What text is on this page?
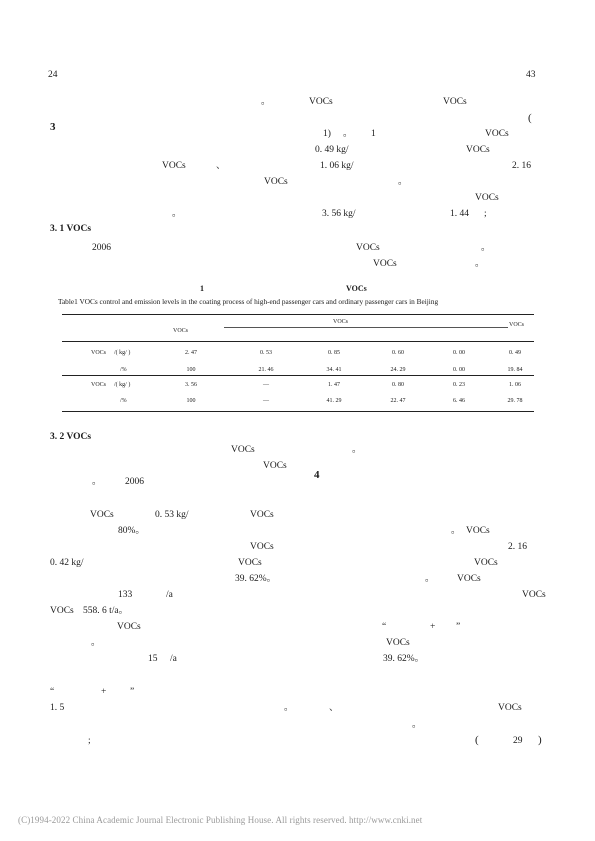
24	43
3
3. 1 VOCs
3. 2 VOCs
4
。	VOCs	VOCs
(
1) 。 1	VOCs
0. 49 kg/	VOCs
VOCs	、	1. 06 kg/	2. 16
VOCs	。
VOCs
。	3. 56 kg/	1. 44 ;
2006	VOCs	。
VOCs	。
1	VOCs
Table1 VOCs control and emission levels in the coating process of high-end passenger cars and ordinary passenger cars in Beijing
VOCs
VOCs	VOCs
VOCs /( kg/ )	2. 47	0. 53	0. 85	0. 60	0. 00	0. 49
/%	100	21. 46	34. 41	24. 29	0. 00	19. 84
VOCs /( kg/ )	3. 56	—	1. 47	0. 80	0. 23	1. 06
/%	100	—	41. 29	22. 47	6. 46	29. 78
VOCs	。
VOCs
。 2006
VOCs	0. 53 kg/	VOCs
80%。	。 VOCs
VOCs	2. 16
0. 42 kg/	VOCs	VOCs
39. 62%。	。 VOCs
133	/a	VOCs
VOCs 558. 6 t/a。
VOCs	“	+ ”
。	VOCs
15 /a	39. 62%。
“	+ ”
1. 5	。	、	VOCs
。
;	(	29 )
(C)1994-2022 China Academic Journal Electronic Publishing House. All rights reserved. http://www.cnki.net
